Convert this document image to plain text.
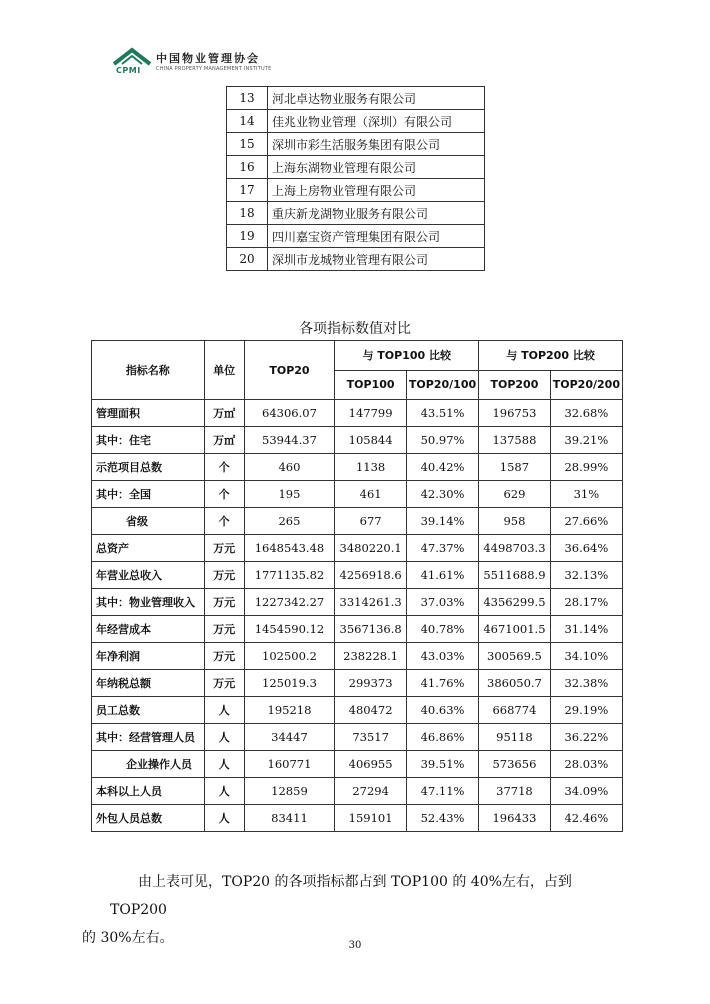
CPMI
中国物业管理协会
CHINA PROPERTY MANAGEMENT INSTITUTE
13	河北卓达物业服务有限公司
14	佳兆业物业管理（深圳）有限公司
15	深圳市彩生活服务集团有限公司
16	上海东湖物业管理有限公司
17	上海上房物业管理有限公司
18	重庆新龙湖物业服务有限公司
19	四川嘉宝资产管理集团有限公司
20	深圳市龙城物业管理有限公司
各项指标数值对比
指标名称	单位	TOP20	与 TOP100 比较		与 TOP200 比较	
			TOP100	TOP20/100	TOP200	TOP20/200
管理面积	万㎡	64306.07	147799	43.51%	196753	32.68%
其中：住宅	万㎡	53944.37	105844	50.97%	137588	39.21%
示范项目总数	个	460	1138	40.42%	1587	28.99%
其中：全国	个	195	461	42.30%	629	31%
省级	个	265	677	39.14%	958	27.66%
总资产	万元	1648543.48	3480220.1	47.37%	4498703.3	36.64%
年营业总收入	万元	1771135.82	4256918.6	41.61%	5511688.9	32.13%
其中：物业管理收入	万元	1227342.27	3314261.3	37.03%	4356299.5	28.17%
年经营成本	万元	1454590.12	3567136.8	40.78%	4671001.5	31.14%
年净利润	万元	102500.2	238228.1	43.03%	300569.5	34.10%
年纳税总额	万元	125019.3	299373	41.76%	386050.7	32.38%
员工总数	人	195218	480472	40.63%	668774	29.19%
其中：经营管理人员	人	34447	73517	46.86%	95118	36.22%
企业操作人员	人	160771	406955	39.51%	573656	28.03%
本科以上人员	人	12859	27294	47.11%	37718	34.09%
外包人员总数	人	83411	159101	52.43%	196433	42.46%
由上表可见，TOP20 的各项指标都占到 TOP100 的 40%左右，占到 TOP200
的 30%左右。	30
